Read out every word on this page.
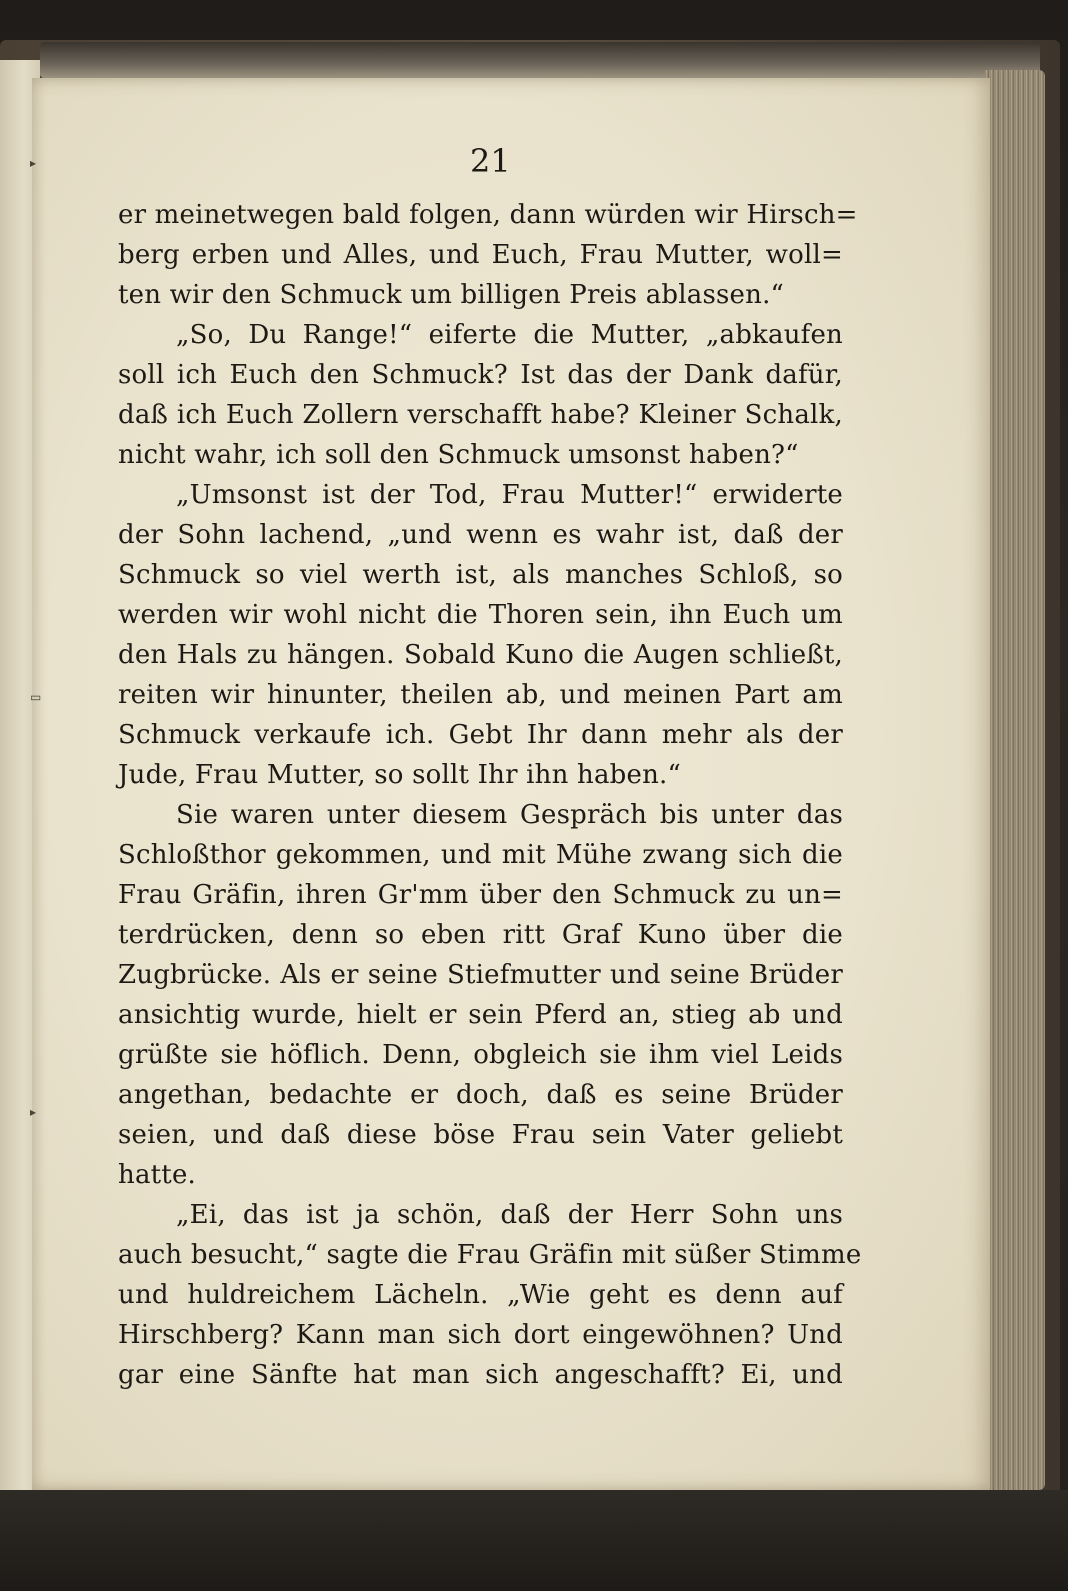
▸
▭
▸
21
er meinetwegen bald folgen, dann würden wir Hirsch=
berg erben und Alles, und Euch, Frau Mutter, woll=
ten wir den Schmuck um billigen Preis ablassen.“
„So, Du Range!“ eiferte die Mutter, „abkaufen
soll ich Euch den Schmuck? Ist das der Dank dafür,
daß ich Euch Zollern verschafft habe? Kleiner Schalk,
nicht wahr, ich soll den Schmuck umsonst haben?“
„Umsonst ist der Tod, Frau Mutter!“ erwiderte
der Sohn lachend, „und wenn es wahr ist, daß der
Schmuck so viel werth ist, als manches Schloß, so
werden wir wohl nicht die Thoren sein, ihn Euch um
den Hals zu hängen. Sobald Kuno die Augen schließt,
reiten wir hinunter, theilen ab, und meinen Part am
Schmuck verkaufe ich. Gebt Ihr dann mehr als der
Jude, Frau Mutter, so sollt Ihr ihn haben.“
Sie waren unter diesem Gespräch bis unter das
Schloßthor gekommen, und mit Mühe zwang sich die
Frau Gräfin, ihren Gr'mm über den Schmuck zu un=
terdrücken, denn so eben ritt Graf Kuno über die
Zugbrücke. Als er seine Stiefmutter und seine Brüder
ansichtig wurde, hielt er sein Pferd an, stieg ab und
grüßte sie höflich. Denn, obgleich sie ihm viel Leids
angethan, bedachte er doch, daß es seine Brüder
seien, und daß diese böse Frau sein Vater geliebt
hatte.
„Ei, das ist ja schön, daß der Herr Sohn uns
auch besucht,“ sagte die Frau Gräfin mit süßer Stimme
und huldreichem Lächeln. „Wie geht es denn auf
Hirschberg? Kann man sich dort eingewöhnen? Und
gar eine Sänfte hat man sich angeschafft? Ei, und
